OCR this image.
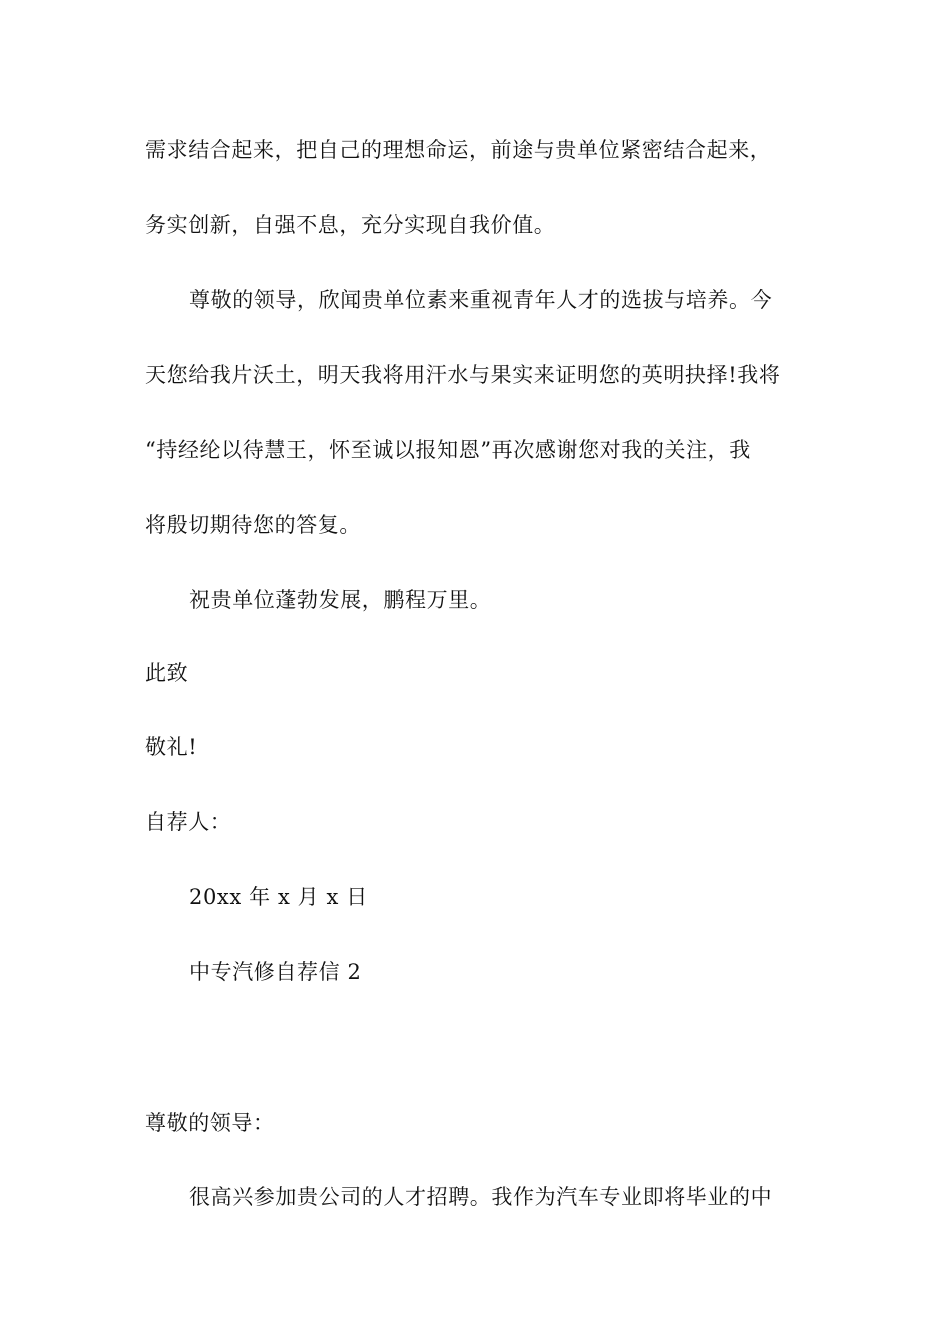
需求结合起来，把自己的理想命运，前途与贵单位紧密结合起来，
务实创新，自强不息，充分实现自我价值。
尊敬的领导，欣闻贵单位素来重视青年人才的选拔与培养。今
天您给我片沃土，明天我将用汗水与果实来证明您的英明抉择!我将
“持经纶以待慧王，怀至诚以报知恩”再次感谢您对我的关注，我
将殷切期待您的答复。
祝贵单位蓬勃发展，鹏程万里。
此致
敬礼!
自荐人：
20xx 年 x 月 x 日
中专汽修自荐信 2
尊敬的领导：
很高兴参加贵公司的人才招聘。我作为汽车专业即将毕业的中
